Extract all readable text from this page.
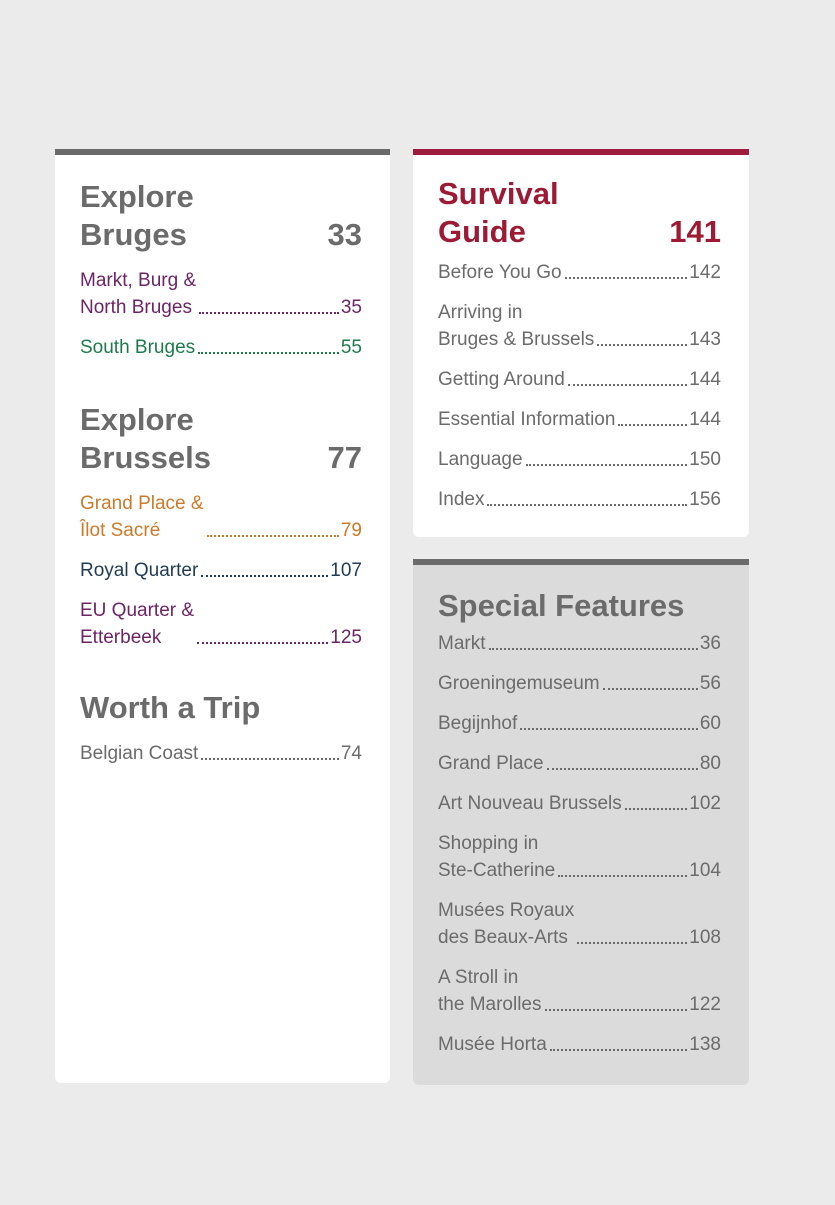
Explore
Bruges	33
Markt, Burg &
North Bruges	35
South Bruges	55
Explore
Brussels	77
Grand Place &
Îlot Sacré	79
Royal Quarter	107
EU Quarter &
Etterbeek	125
Worth a Trip
Belgian Coast	74
Survival
Guide	141
Before You Go	142
Arriving in
Bruges & Brussels	143
Getting Around	144
Essential Information	144
Language	150
Index	156
Special Features
Markt	36
Groeningemuseum	56
Begijnhof	60
Grand Place	80
Art Nouveau Brussels	102
Shopping in
Ste-Catherine	104
Musées Royaux
des Beaux-Arts	108
A Stroll in
the Marolles	122
Musée Horta	138
